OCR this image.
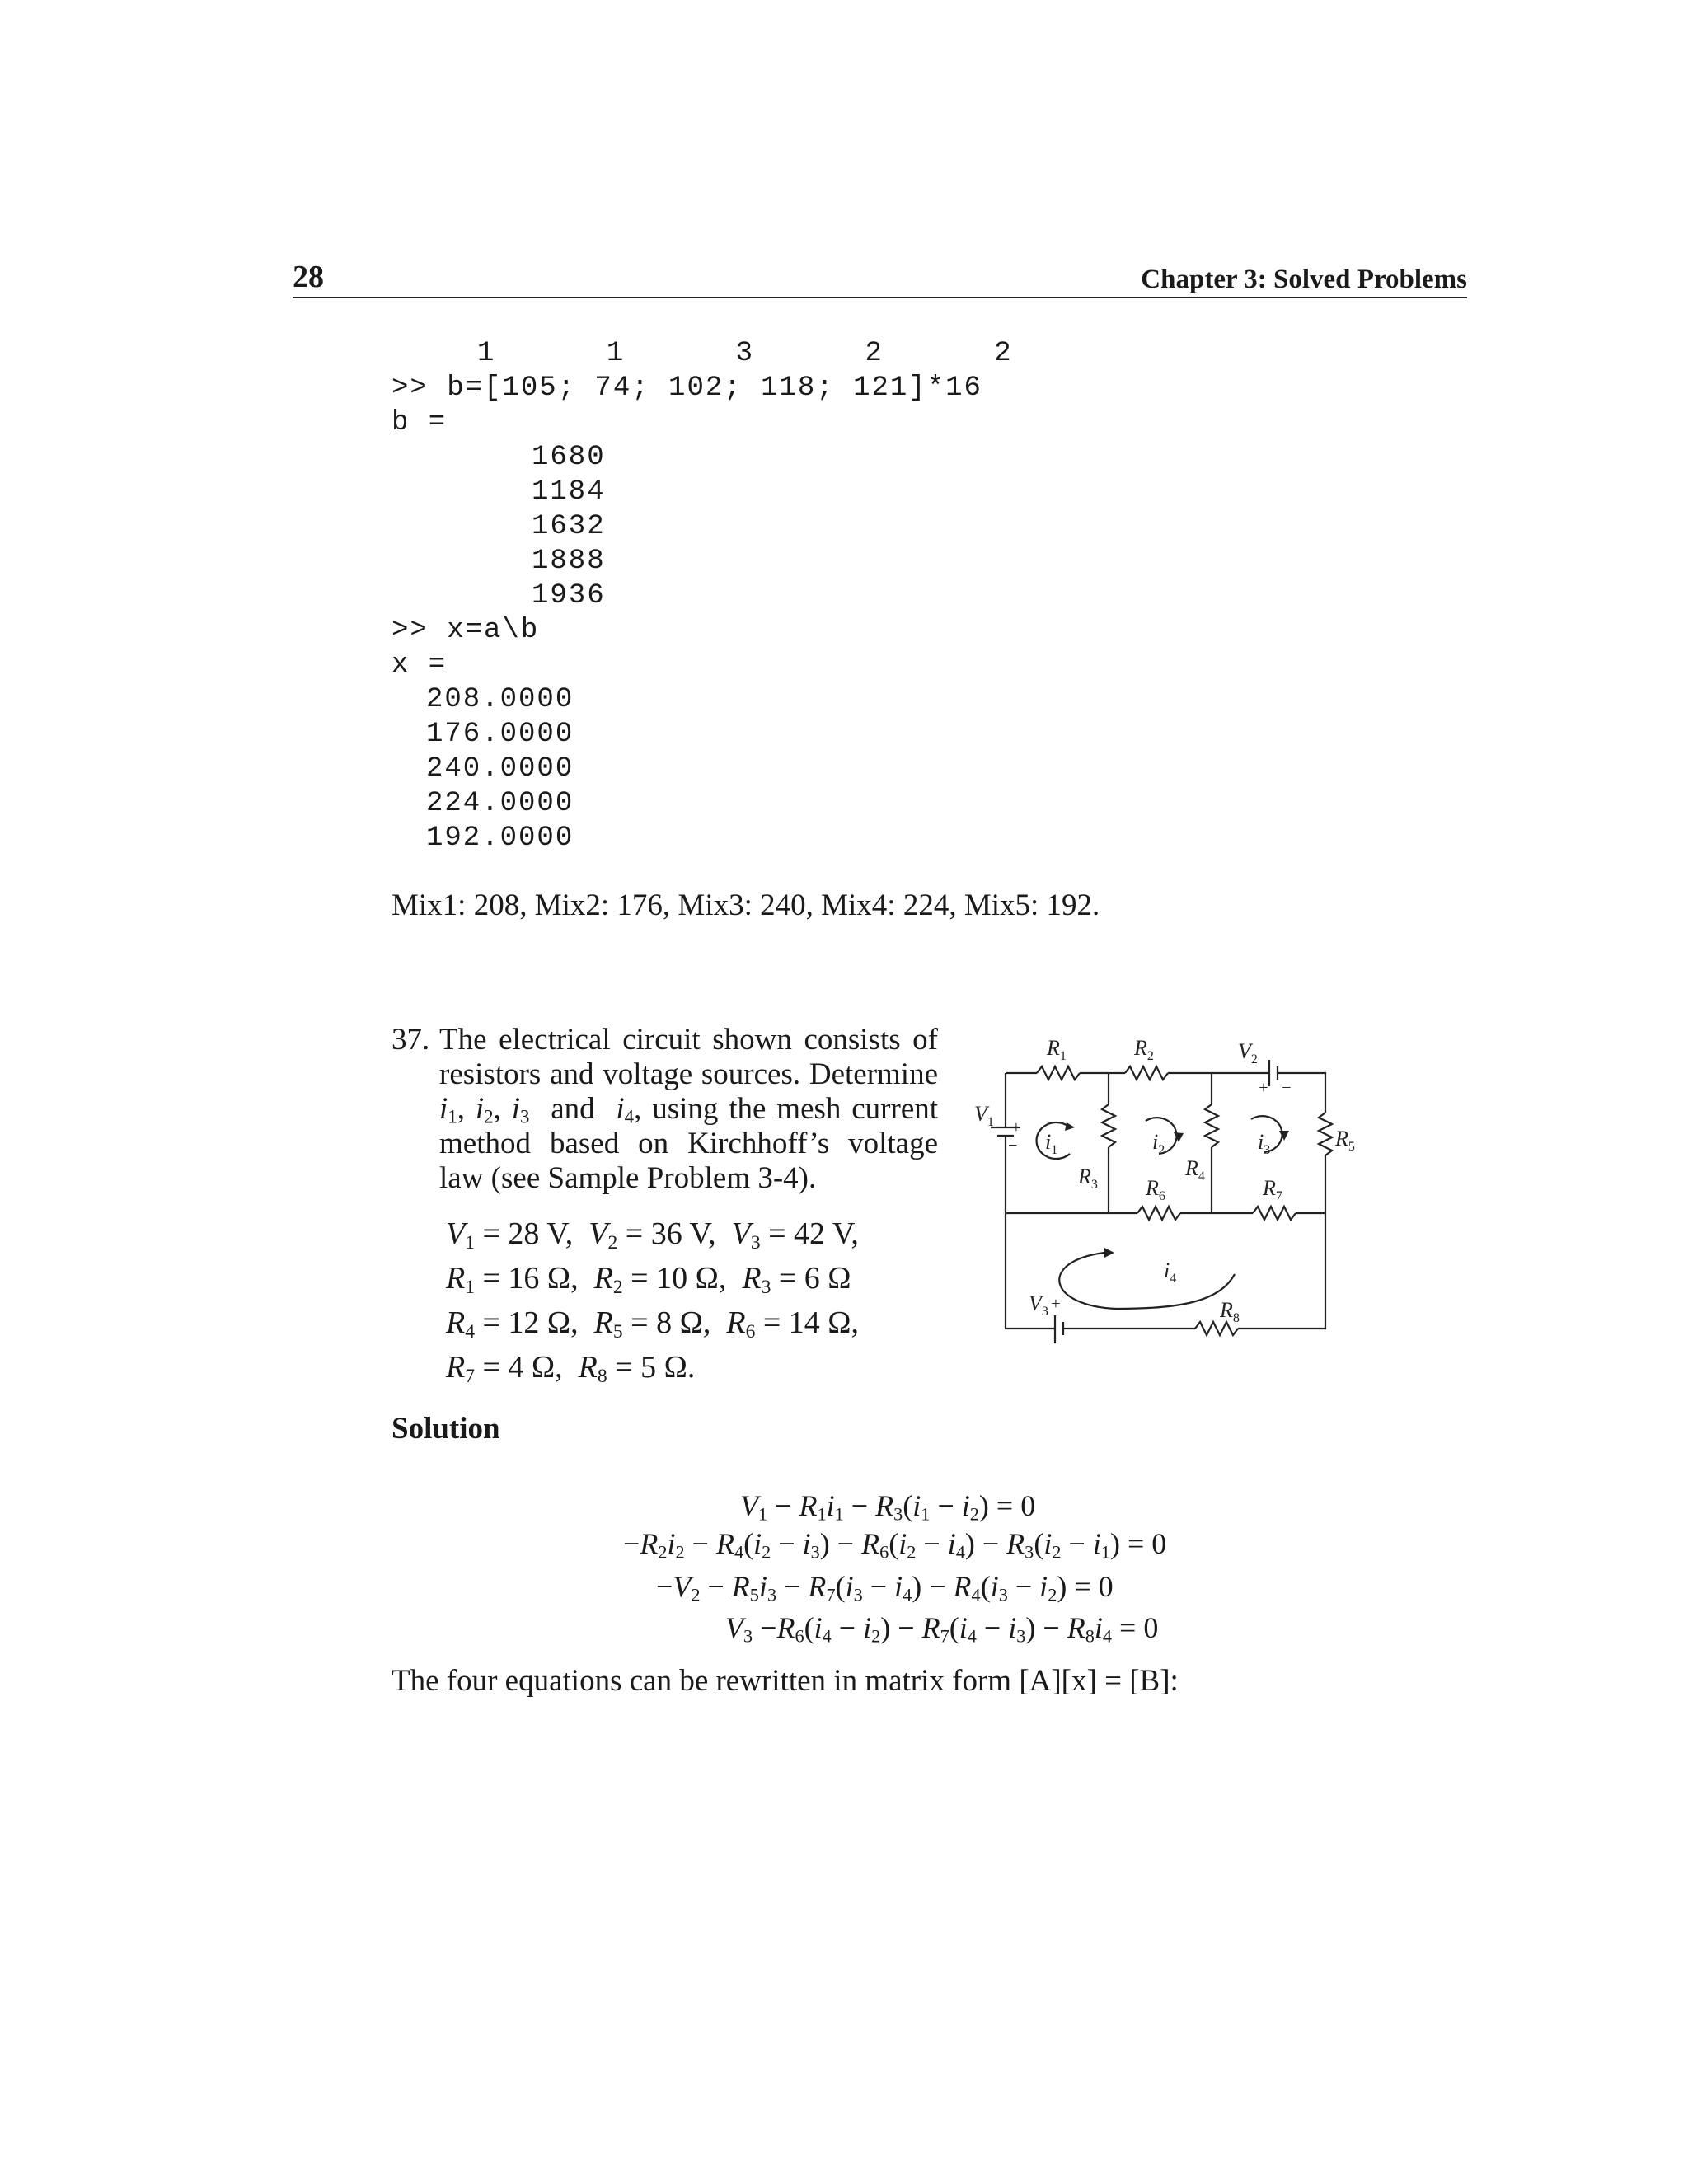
28	Chapter 3: Solved Problems
1      1      3      2      2
>> b=[105; 74; 102; 118; 121]*16
b =
1680
1184
1632
1888
1936
>> x=a\b
x =
208.0000
176.0000
240.0000
224.0000
192.0000
Mix1: 208, Mix2: 176, Mix3: 240, Mix4: 224, Mix5: 192.
37. The electrical circuit shown consists of
resistors and voltage sources. Determine
$i_1$, $i_2$, $i_3$ and $i_4$, using the mesh current
method based on Kirchhoff’s voltage
law (see Sample Problem 3-4).
$V_1 = 28$ V,  $V_2 = 36$ V,  $V_3 = 42$ V,
$R_1 = 16$ Ω,  $R_2 = 10$ Ω,  $R_3 = 6$ Ω
$R_4 = 12$ Ω,  $R_5 = 8$ Ω,  $R_6 = 14$ Ω,
$R_7 = 4$ Ω,  $R_8 = 5$ Ω.
$R_1$	$R_2$	$V_2$
+ −
$V_1$ +
− $i_1$
$R_3$
$i_2$
$R_4$
$R_6$
$i_3$
$R_7$
$R_5$
$i_4$
$V_3$ + −	$R_8$
Solution
$V_1 - R_1i_1 - R_3(i_1 - i_2) = 0$
$-R_2i_2 - R_4(i_2 - i_3) - R_6(i_2 - i_4) - R_3(i_2 - i_1) = 0$
$-V_2 - R_5i_3 - R_7(i_3 - i_4) - R_4(i_3 - i_2) = 0$
$V_3 -R_6(i_4 - i_2) - R_7(i_4 - i_3) - R_8i_4 = 0$
The four equations can be rewritten in matrix form [A][x] = [B]:
